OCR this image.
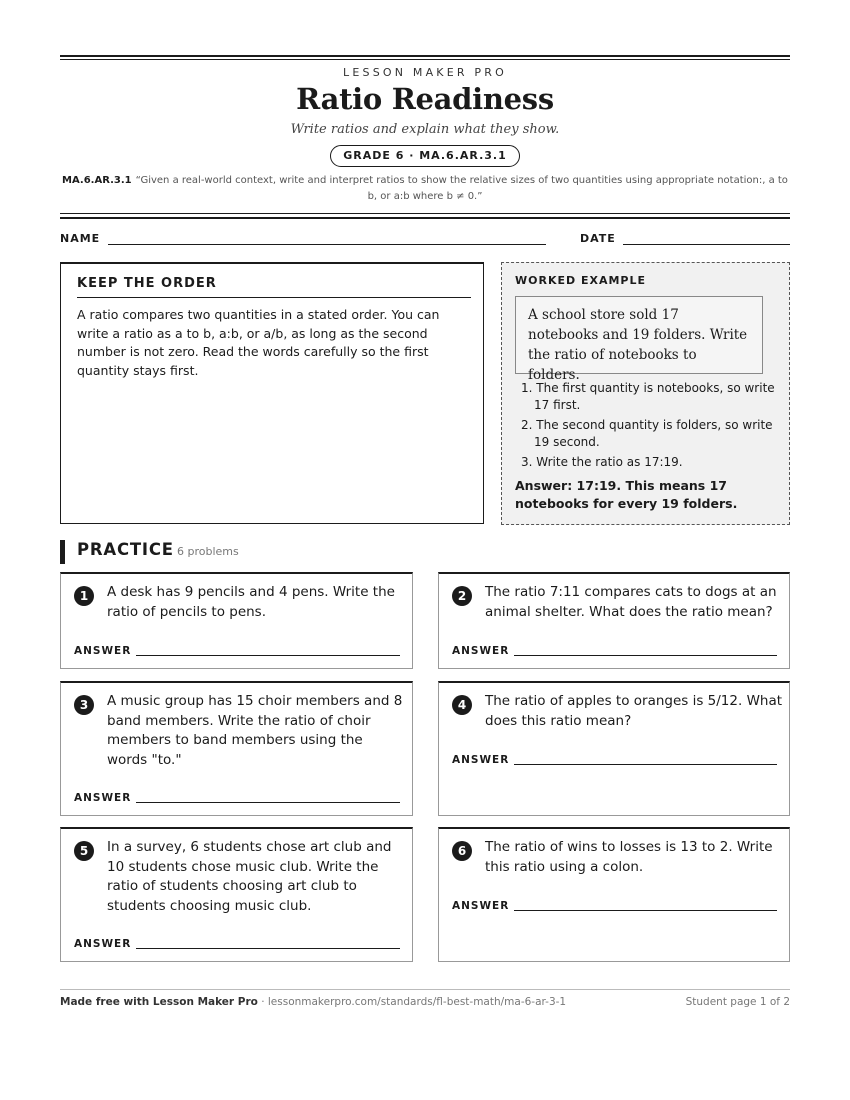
LESSON MAKER PRO
Ratio Readiness
Write ratios and explain what they show.
GRADE 6 · MA.6.AR.3.1
MA.6.AR.3.1 “Given a real-world context, write and interpret ratios to show the relative sizes of two quantities using appropriate notation:, a to b, or a:b where b ≠ 0.”
NAME	DATE
KEEP THE ORDER
A ratio compares two quantities in a stated order. You can write a ratio as a to b, a:b, or a/b, as long as the second number is not zero. Read the words carefully so the first quantity stays first.
WORKED EXAMPLE
A school store sold 17 notebooks and 19 folders. Write the ratio of notebooks to folders.
1. The first quantity is notebooks, so write 17 first.
2. The second quantity is folders, so write 19 second.
3. Write the ratio as 17:19.
Answer: 17:19. This means 17 notebooks for every 19 folders.
PRACTICE 6 problems
1	A desk has 9 pencils and 4 pens. Write the ratio of pencils to pens.
ANSWER
2	The ratio 7:11 compares cats to dogs at an animal shelter. What does the ratio mean?
ANSWER
3	A music group has 15 choir members and 8 band members. Write the ratio of choir members to band members using the words "to."
ANSWER
4	The ratio of apples to oranges is 5/12. What does this ratio mean?
ANSWER
5	In a survey, 6 students chose art club and 10 students chose music club. Write the ratio of students choosing art club to students choosing music club.
ANSWER
6	The ratio of wins to losses is 13 to 2. Write this ratio using a colon.
ANSWER
Made free with Lesson Maker Pro · lessonmakerpro.com/standards/fl-best-math/ma-6-ar-3-1	Student page 1 of 2
